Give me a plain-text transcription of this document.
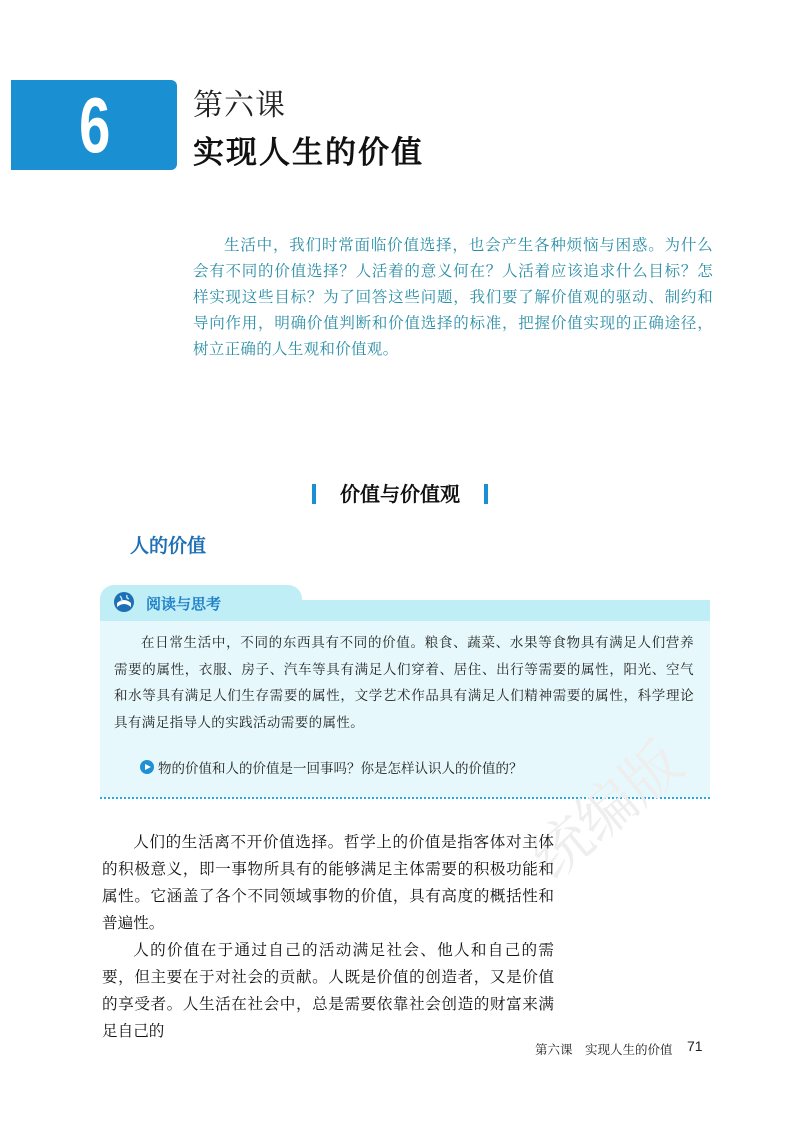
6	第六课
实现人生的价值
生活中，我们时常面临价值选择，也会产生各种烦恼与困惑。为什么会有不同的价值选择？人活着的意义何在？人活着应该追求什么目标？怎样实现这些目标？为了回答这些问题，我们要了解价值观的驱动、制约和导向作用，明确价值判断和价值选择的标准，把握价值实现的正确途径，树立正确的人生观和价值观。
价值与价值观
人的价值
阅读与思考
在日常生活中，不同的东西具有不同的价值。粮食、蔬菜、水果等食物具有满足人们营养需要的属性，衣服、房子、汽车等具有满足人们穿着、居住、出行等需要的属性，阳光、空气和水等具有满足人们生存需要的属性，文学艺术作品具有满足人们精神需要的属性，科学理论具有满足指导人的实践活动需要的属性。
物的价值和人的价值是一回事吗？你是怎样认识人的价值的？
统编版

人们的生活离不开价值选择。哲学上的价值是指客体对主体的积极意义，即一事物所具有的能够满足主体需要的积极功能和属性。它涵盖了各个不同领域事物的价值，具有高度的概括性和普遍性。

人的价值在于通过自己的活动满足社会、他人和自己的需要，但主要在于对社会的贡献。人既是价值的创造者，又是价值的享受者。人生活在社会中，总是需要依靠社会创造的财富来满足自己的

第六课　实现人生的价值 71
